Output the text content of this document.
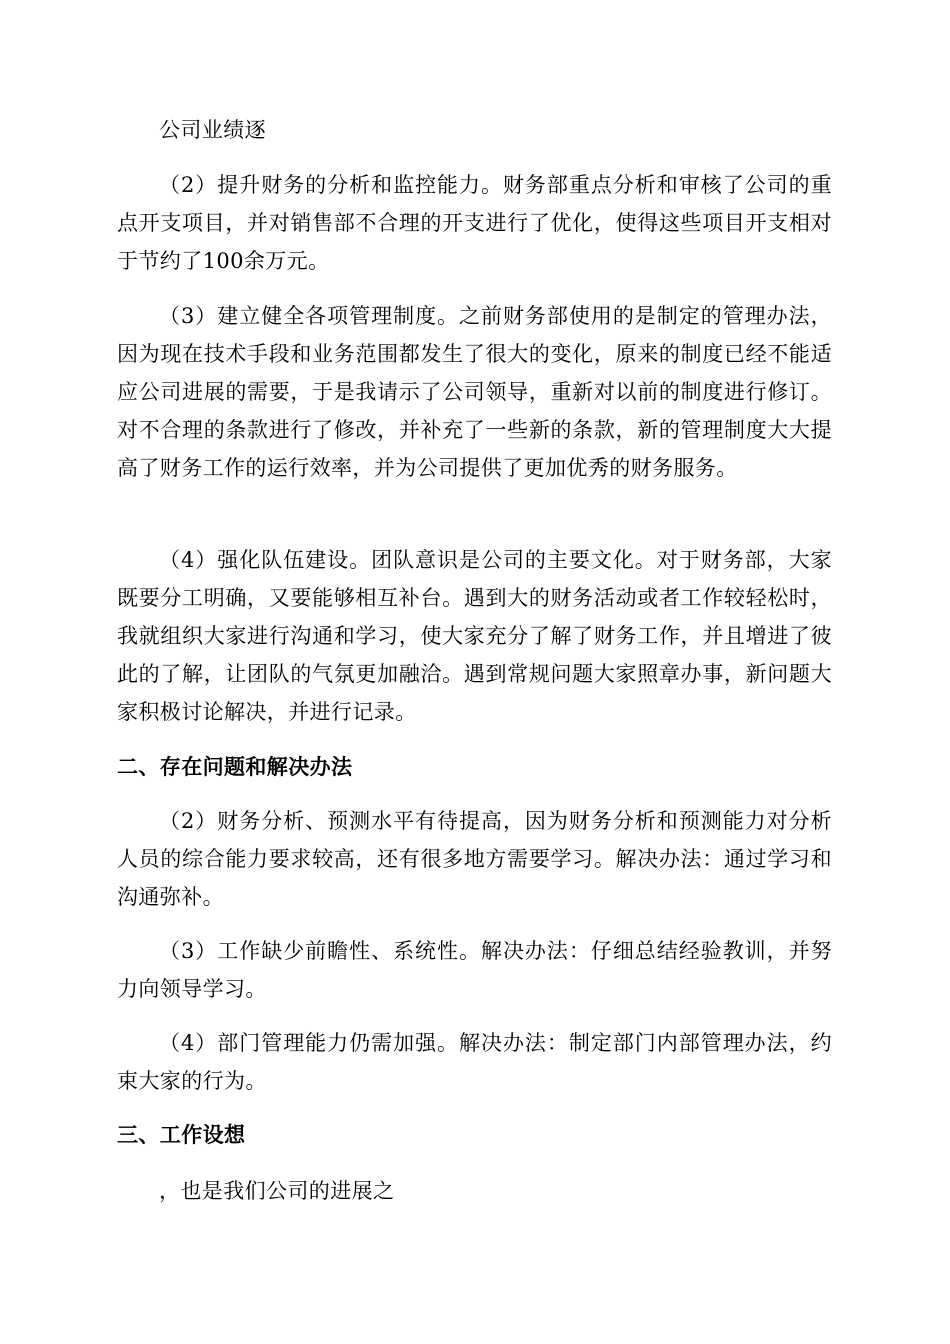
公司业绩逐

（2）提升财务的分析和监控能力。财务部重点分析和审核了公司的重点开支项目，并对销售部不合理的开支进行了优化，使得这些项目开支相对于节约了100余万元。

（3）建立健全各项管理制度。之前财务部使用的是制定的管理办法，因为现在技术手段和业务范围都发生了很大的变化，原来的制度已经不能适应公司进展的需要，于是我请示了公司领导，重新对以前的制度进行修订。对不合理的条款进行了修改，并补充了一些新的条款，新的管理制度大大提高了财务工作的运行效率，并为公司提供了更加优秀的财务服务。

（4）强化队伍建设。团队意识是公司的主要文化。对于财务部，大家既要分工明确，又要能够相互补台。遇到大的财务活动或者工作较轻松时，我就组织大家进行沟通和学习，使大家充分了解了财务工作，并且增进了彼此的了解，让团队的气氛更加融洽。遇到常规问题大家照章办事，新问题大家积极讨论解决，并进行记录。

二、存在问题和解决办法

（2）财务分析、预测水平有待提高，因为财务分析和预测能力对分析人员的综合能力要求较高，还有很多地方需要学习。解决办法：通过学习和沟通弥补。

（3）工作缺少前瞻性、系统性。解决办法：仔细总结经验教训，并努力向领导学习。

（4）部门管理能力仍需加强。解决办法：制定部门内部管理办法，约束大家的行为。

三、工作设想

，也是我们公司的进展之
